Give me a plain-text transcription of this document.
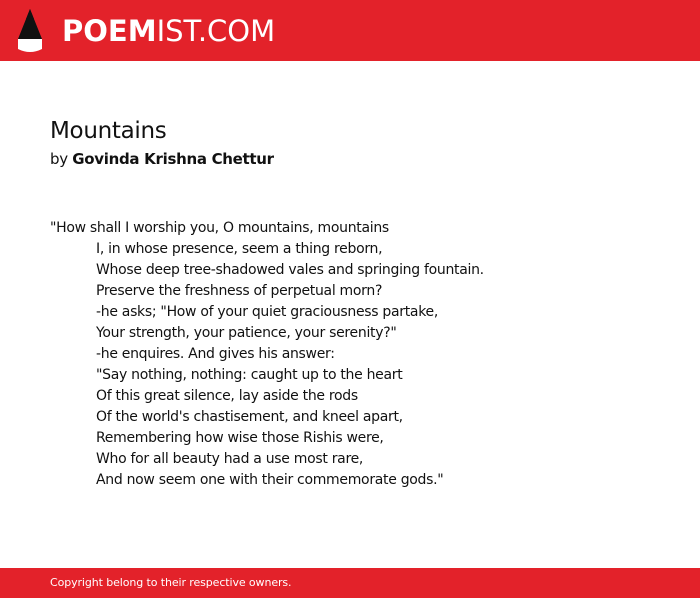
POEM IST.COM
Mountains
by Govinda Krishna Chettur
"How shall I worship you, O mountains, mountains
I, in whose presence, seem a thing reborn,
Whose deep tree-shadowed vales and springing fountain.
Preserve the freshness of perpetual morn?
-he asks; "How of your quiet graciousness partake,
Your strength, your patience, your serenity?"
-he enquires. And gives his answer:
"Say nothing, nothing: caught up to the heart
Of this great silence, lay aside the rods
Of the world's chastisement, and kneel apart,
Remembering how wise those Rishis were,
Who for all beauty had a use most rare,
And now seem one with their commemorate gods."
Copyright belong to their respective owners.
